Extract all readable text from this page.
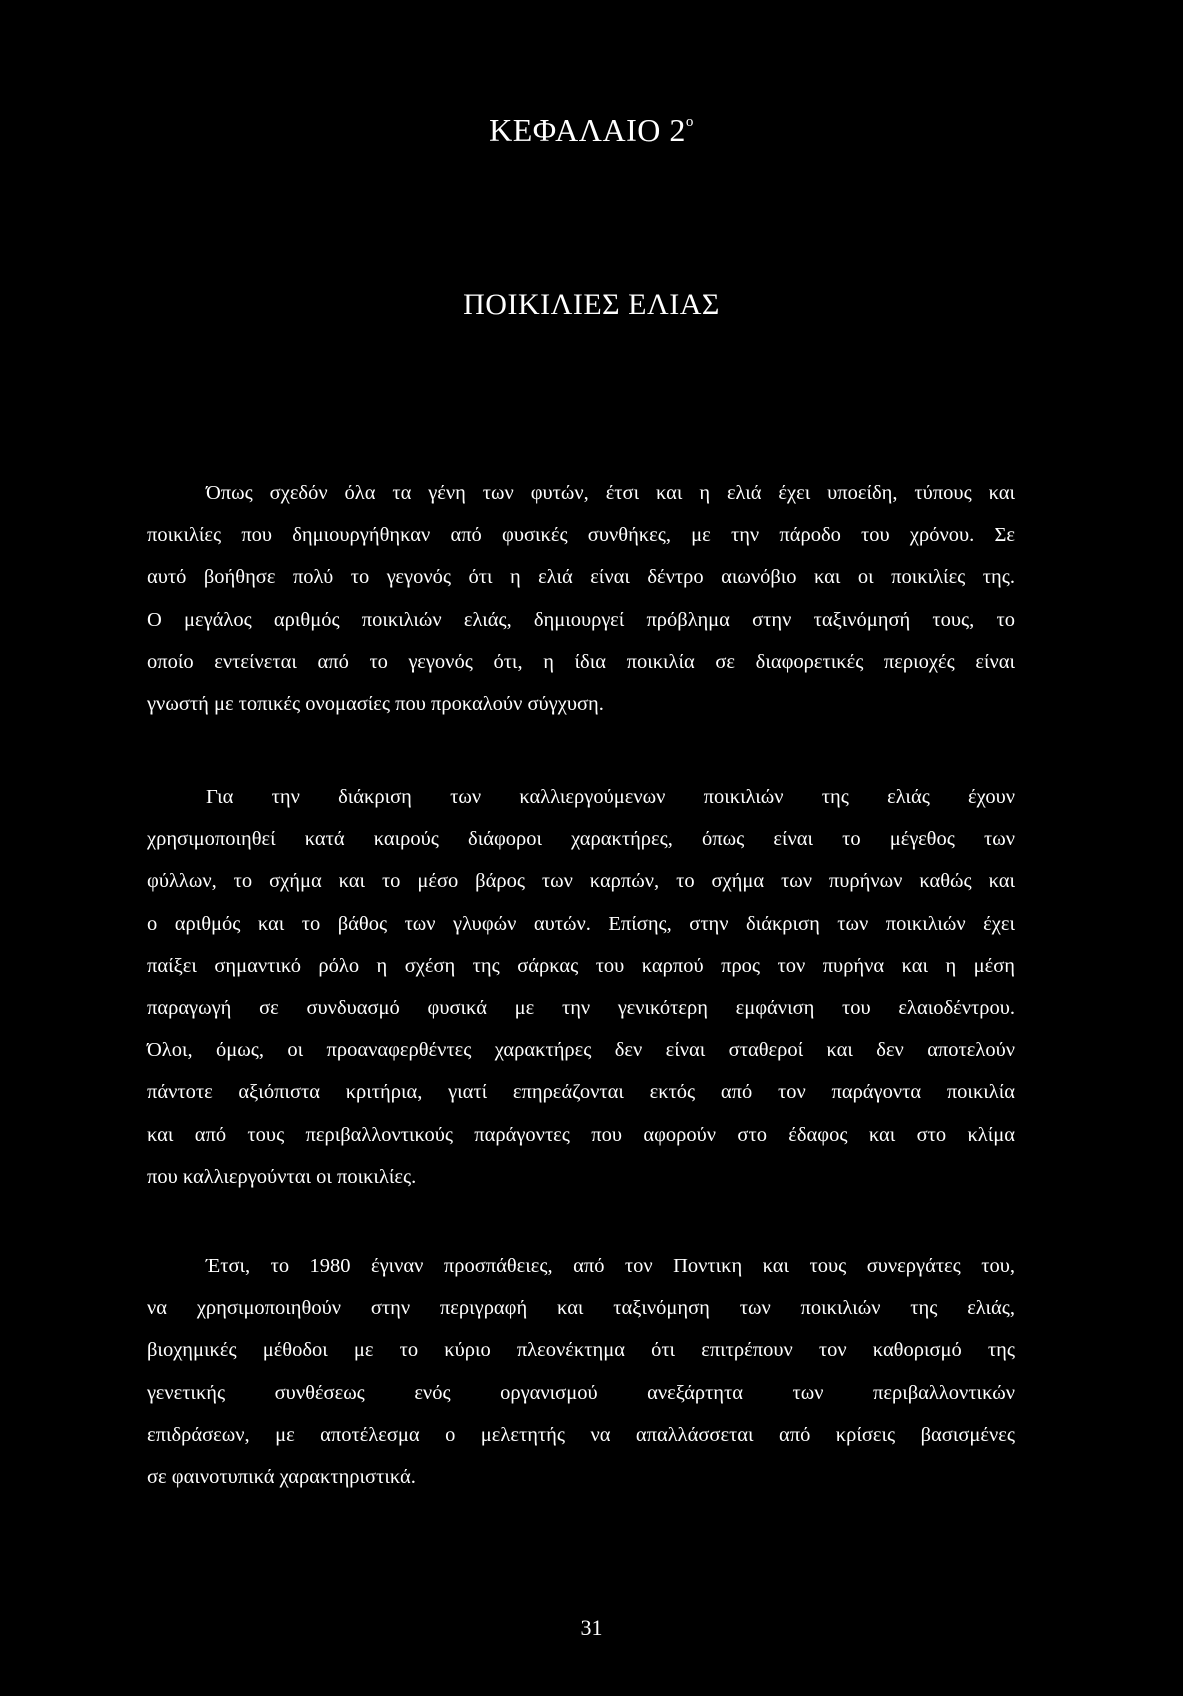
ΚΕΦΑΛΑΙΟ $2^o$
ΠΟΙΚΙΛΙΕΣ ΕΛΙΑΣ
Όπως σχεδόν όλα τα γένη των φυτών, έτσι και η ελιά έχει υποείδη, τύπους και
ποικιλίες που δημιουργήθηκαν από φυσικές συνθήκες, με την πάροδο του χρόνου. Σε
αυτό βοήθησε πολύ το γεγονός ότι η ελιά είναι δέντρο αιωνόβιο και οι ποικιλίες της.
Ο μεγάλος αριθμός ποικιλιών ελιάς, δημιουργεί πρόβλημα στην ταξινόμησή τους, το
οποίο εντείνεται από το γεγονός ότι, η ίδια ποικιλία σε διαφορετικές περιοχές είναι
γνωστή με τοπικές ονομασίες που προκαλούν σύγχυση.
Για την διάκριση των καλλιεργούμενων ποικιλιών της ελιάς έχουν
χρησιμοποιηθεί κατά καιρούς διάφοροι χαρακτήρες, όπως είναι το μέγεθος των
φύλλων, το σχήμα και το μέσο βάρος των καρπών, το σχήμα των πυρήνων καθώς και
ο αριθμός και το βάθος των γλυφών αυτών. Επίσης, στην διάκριση των ποικιλιών έχει
παίξει σημαντικό ρόλο η σχέση της σάρκας του καρπού προς τον πυρήνα και η μέση
παραγωγή σε συνδυασμό φυσικά με την γενικότερη εμφάνιση του ελαιοδέντρου.
Όλοι, όμως, οι προαναφερθέντες χαρακτήρες δεν είναι σταθεροί και δεν αποτελούν
πάντοτε αξιόπιστα κριτήρια, γιατί επηρεάζονται εκτός από τον παράγοντα ποικιλία
και από τους περιβαλλοντικούς παράγοντες που αφορούν στο έδαφος και στο κλίμα
που καλλιεργούνται οι ποικιλίες.
Έτσι, το 1980 έγιναν προσπάθειες, από τον Ποντικη και τους συνεργάτες του,
να χρησιμοποιηθούν στην περιγραφή και ταξινόμηση των ποικιλιών της ελιάς,
βιοχημικές μέθοδοι με το κύριο πλεονέκτημα ότι επιτρέπουν τον καθορισμό της
γενετικής συνθέσεως ενός οργανισμού ανεξάρτητα των περιβαλλοντικών
επιδράσεων, με αποτέλεσμα ο μελετητής να απαλλάσσεται από κρίσεις βασισμένες
σε φαινοτυπικά χαρακτηριστικά.
31
